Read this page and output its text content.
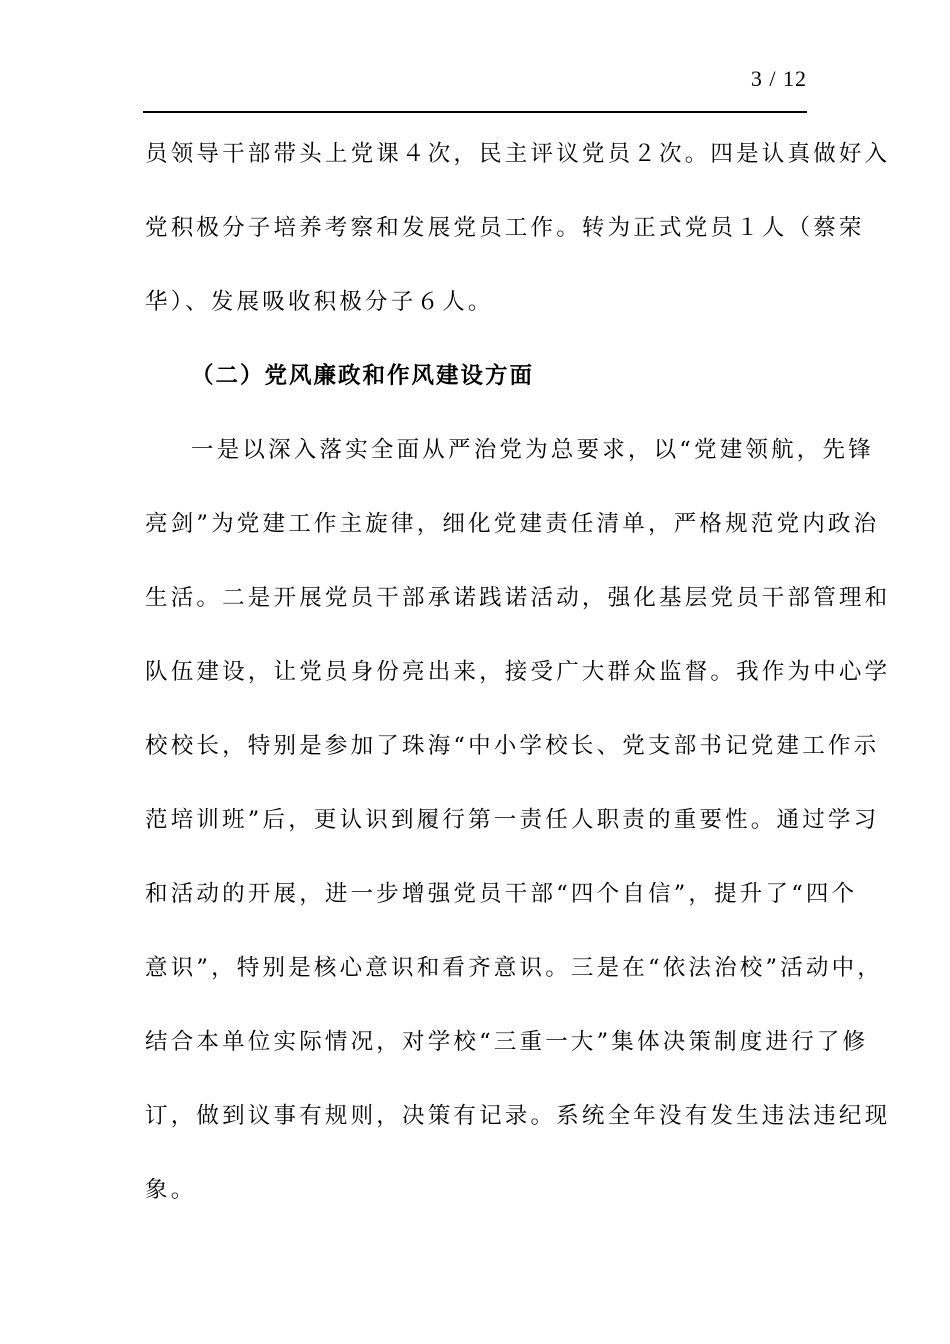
3 / 12
员领导干部带头上党课４次，民主评议党员２次。四是认真做好入
党积极分子培养考察和发展党员工作。转为正式党员１人（蔡荣
华）、发展吸收积极分子６人。
（二）党风廉政和作风建设方面
一是以深入落实全面从严治党为总要求，以“党建领航，先锋
亮剑”为党建工作主旋律，细化党建责任清单，严格规范党内政治
生活。二是开展党员干部承诺践诺活动，强化基层党员干部管理和
队伍建设，让党员身份亮出来，接受广大群众监督。我作为中心学
校校长，特别是参加了珠海“中小学校长、党支部书记党建工作示
范培训班”后，更认识到履行第一责任人职责的重要性。通过学习
和活动的开展，进一步增强党员干部“四个自信”，提升了“四个
意识”，特别是核心意识和看齐意识。三是在“依法治校”活动中，
结合本单位实际情况，对学校“三重一大”集体决策制度进行了修
订，做到议事有规则，决策有记录。系统全年没有发生违法违纪现
象。
